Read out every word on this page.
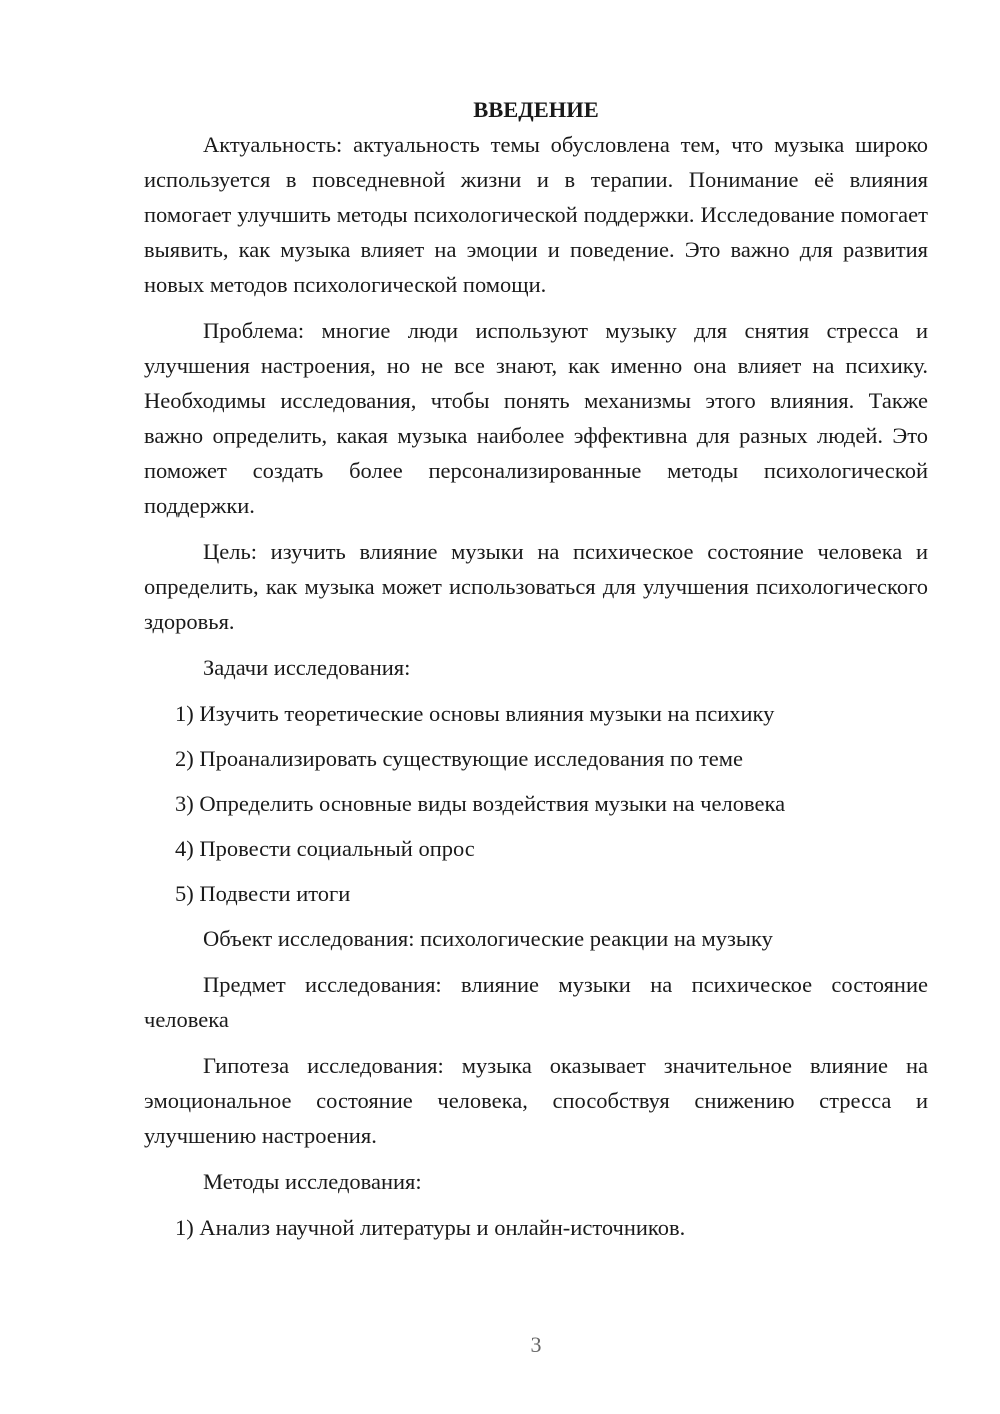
ВВЕДЕНИЕ

Актуальность: актуальность темы обусловлена тем, что музыка широко используется в повседневной жизни и в терапии. Понимание её влияния помогает улучшить методы психологической поддержки. Исследование помогает выявить, как музыка влияет на эмоции и поведение. Это важно для развития новых методов психологической помощи.

Проблема: многие люди используют музыку для снятия стресса и улучшения настроения, но не все знают, как именно она влияет на психику. Необходимы исследования, чтобы понять механизмы этого влияния. Также важно определить, какая музыка наиболее эффективна для разных людей. Это поможет создать более персонализированные методы психологической поддержки.

Цель: изучить влияние музыки на психическое состояние человека и определить, как музыка может использоваться для улучшения психологического здоровья.

Задачи исследования:

1) Изучить теоретические основы влияния музыки на психику

2) Проанализировать существующие исследования по теме

3) Определить основные виды воздействия музыки на человека

4) Провести социальный опрос

5) Подвести итоги

Объект исследования: психологические реакции на музыку

Предмет исследования: влияние музыки на психическое состояние человека

Гипотеза исследования: музыка оказывает значительное влияние на эмоциональное состояние человека, способствуя снижению стресса и улучшению настроения.

Методы исследования:

1) Анализ научной литературы и онлайн-источников.

3
